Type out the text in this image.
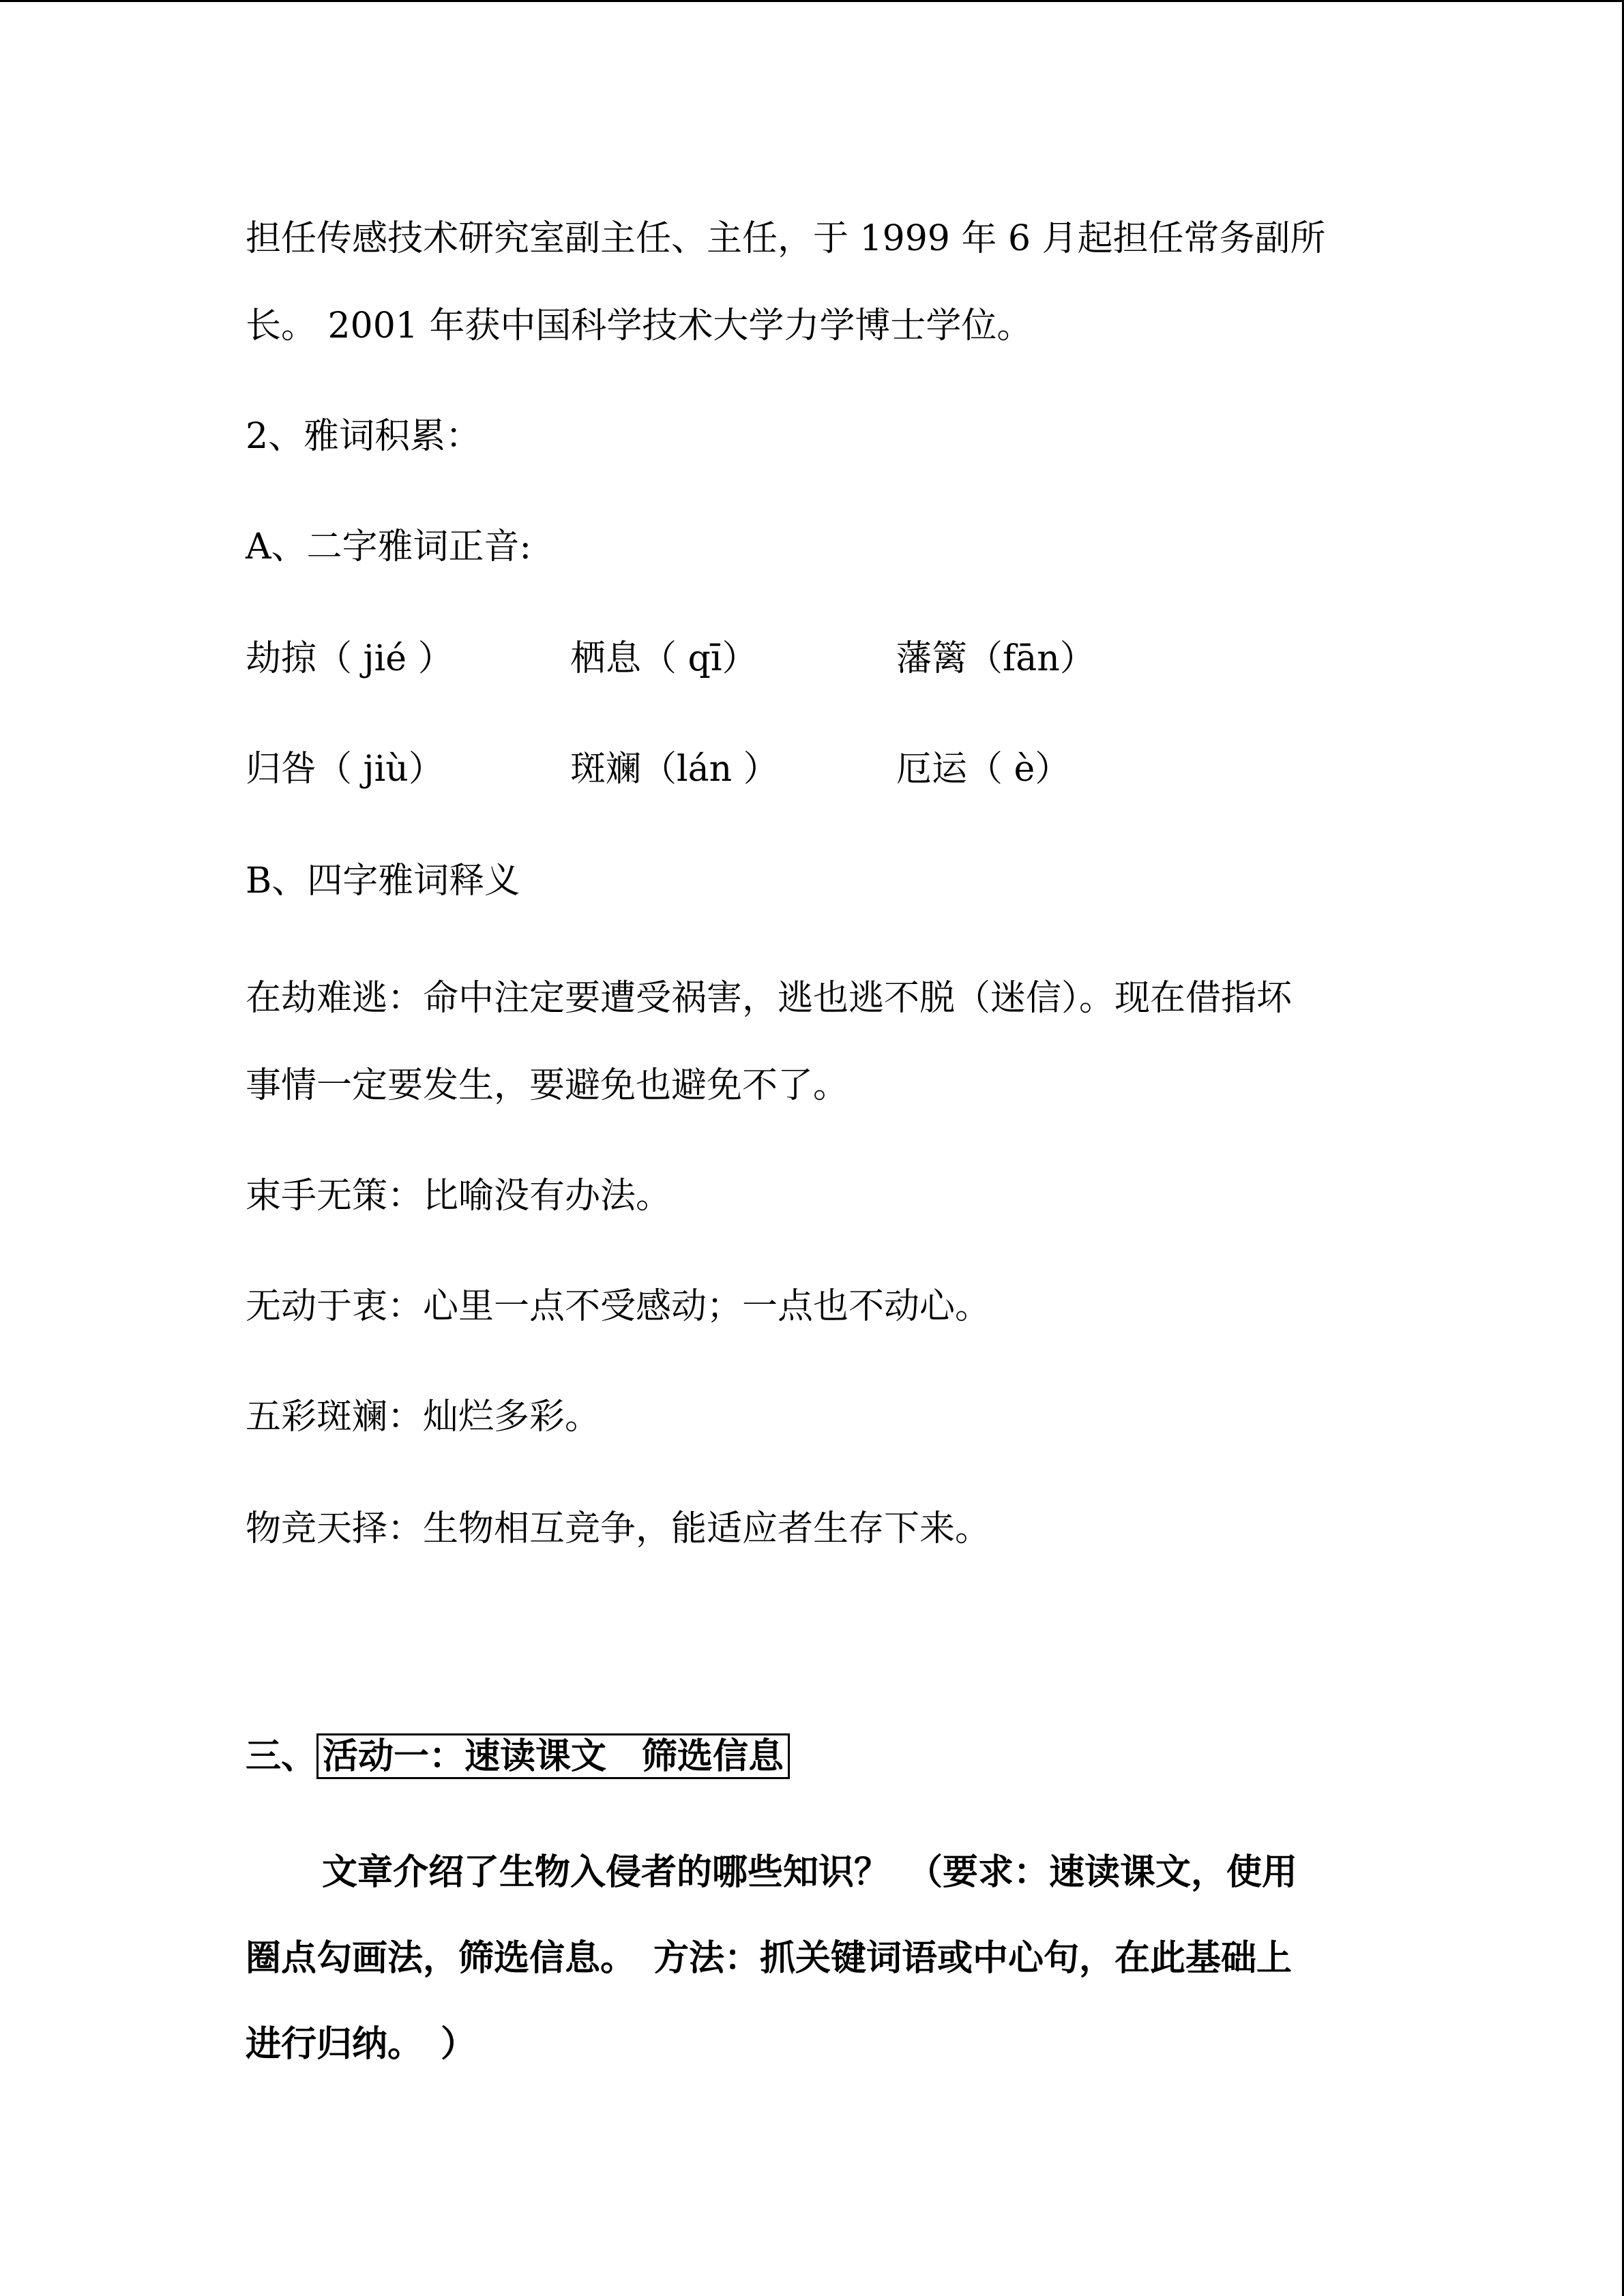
担任传感技术研究室副主任、主任，于 1999 年 6 月起担任常务副所

长。 2001 年获中国科学技术大学力学博士学位。

2、雅词积累：

A、二字雅词正音:

劫掠（ jié ）	栖息（ qī）	藩篱（fān）
归咎（ jiù）	斑斓（lán ）	厄运（ è）

B、四字雅词释义

在劫难逃：命中注定要遭受祸害，逃也逃不脱（迷信）。现在借指坏

事情一定要发生，要避免也避免不了。

束手无策：比喻没有办法。

无动于衷：心里一点不受感动；一点也不动心。

五彩斑斓：灿烂多彩。

物竞天择：生物相互竞争，能适应者生存下来。

三、 活动一：速读课文　筛选信息

文章介绍了生物入侵者的哪些知识？　（要求：速读课文，使用

圈点勾画法，筛选信息。　方法：抓关键词语或中心句，在此基础上

进行归纳。　）
